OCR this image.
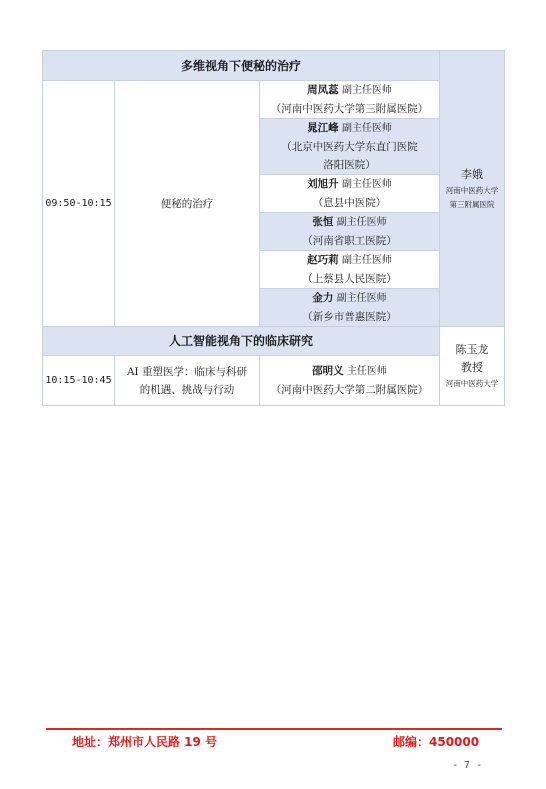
多维视角下便秘的治疗			李娥
河南中医药大学
第三附属医院

09:50-10:15	便秘的治疗	周凤蕊 副主任医师
（河南中医药大学第三附属医院）	

		晁江峰 副主任医师
（北京中医药大学东直门医院
洛阳医院）	

		刘旭升 副主任医师
（息县中医院）	

		张恒 副主任医师
（河南省职工医院）	

		赵巧莉 副主任医师
（上蔡县人民医院）	

		金力 副主任医师
（新乡市普惠医院）	

人工智能视角下的临床研究			陈玉龙
教授
河南中医药大学

10:15-10:45	AI 重塑医学：临床与科研
的机遇、挑战与行动	邵明义 主任医师
（河南中医药大学第二附属医院）	
地址：郑州市人民路 19 号	邮编：450000
- 7 -
